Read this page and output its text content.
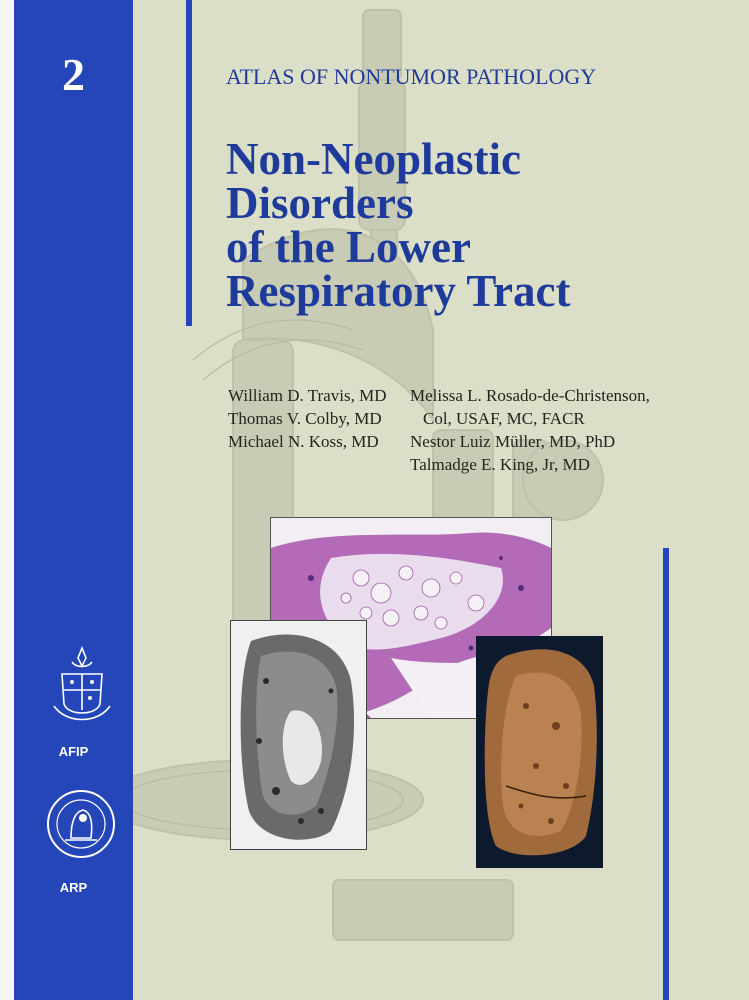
2	ATLAS OF NONTUMOR PATHOLOGY
Non-Neoplastic
Disorders
of the Lower
Respiratory Tract
William D. Travis, MD
Thomas V. Colby, MD
Michael N. Koss, MD
Melissa L. Rosado-de-Christenson,
Col, USAF, MC, FACR
Nestor Luiz Müller, MD, PhD
Talmadge E. King, Jr, MD
AFIP
ARP
